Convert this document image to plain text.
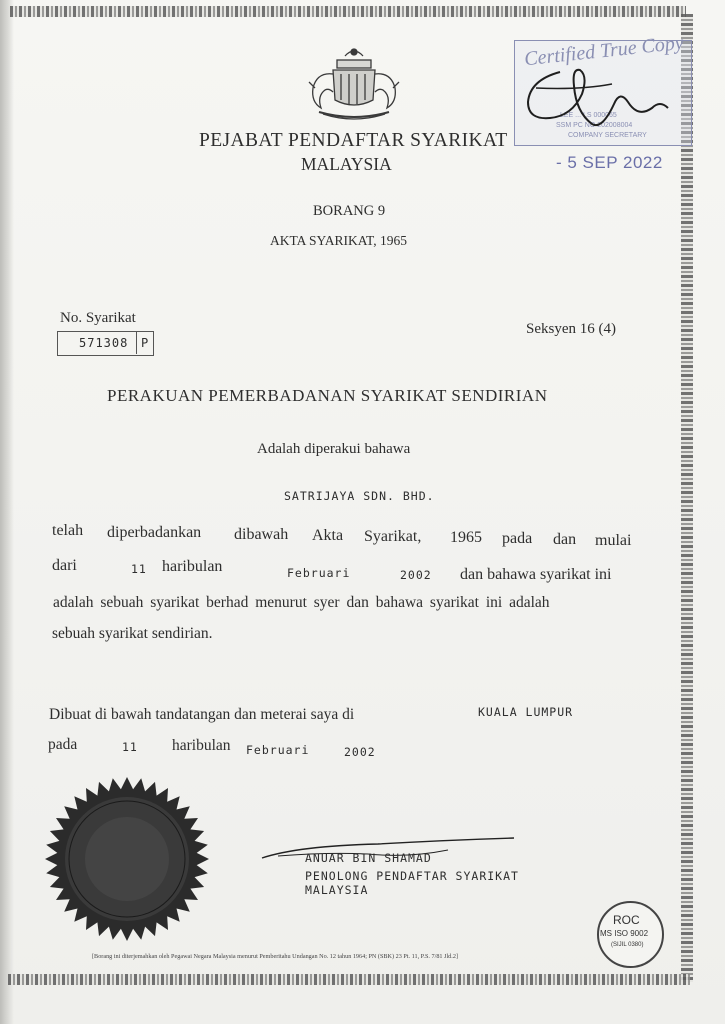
PEJABAT PENDAFTAR SYARIKAT
MALAYSIA
Certified True Copy
LEE ... LS 000065
SSM PC NO 202008004
COMPANY SECRETARY
- 5 SEP 2022
BORANG 9
AKTA SYARIKAT, 1965
No. Syarikat
571308 P
Seksyen 16 (4)
PERAKUAN PEMERBADANAN SYARIKAT SENDIRIAN
Adalah diperakui bahawa
SATRIJAYA SDN. BHD.
telah diperbadankan dibawah Akta Syarikat, 1965 pada dan mulai
dari	11 haribulan	Februari	2002 dan bahawa syarikat ini
adalah sebuah syarikat berhad menurut syer dan bahawa syarikat ini adalah
sebuah syarikat sendirian.
Dibuat di bawah tandatangan dan meterai saya di	KUALA LUMPUR
pada	11 haribulan Februari	2002
ANUAR BIN SHAMAD
PENOLONG PENDAFTAR SYARIKAT
MALAYSIA
ROC
MS ISO 9002
(SIJIL 0380)
[Borang ini diterjemahkan oleh Pegawai Negara Malaysia menurut Pemberitahu Undangan No. 12 tahun 1964; PN (SBK) 23 Pt. 11, P.S. 7/81 Jld.2]
